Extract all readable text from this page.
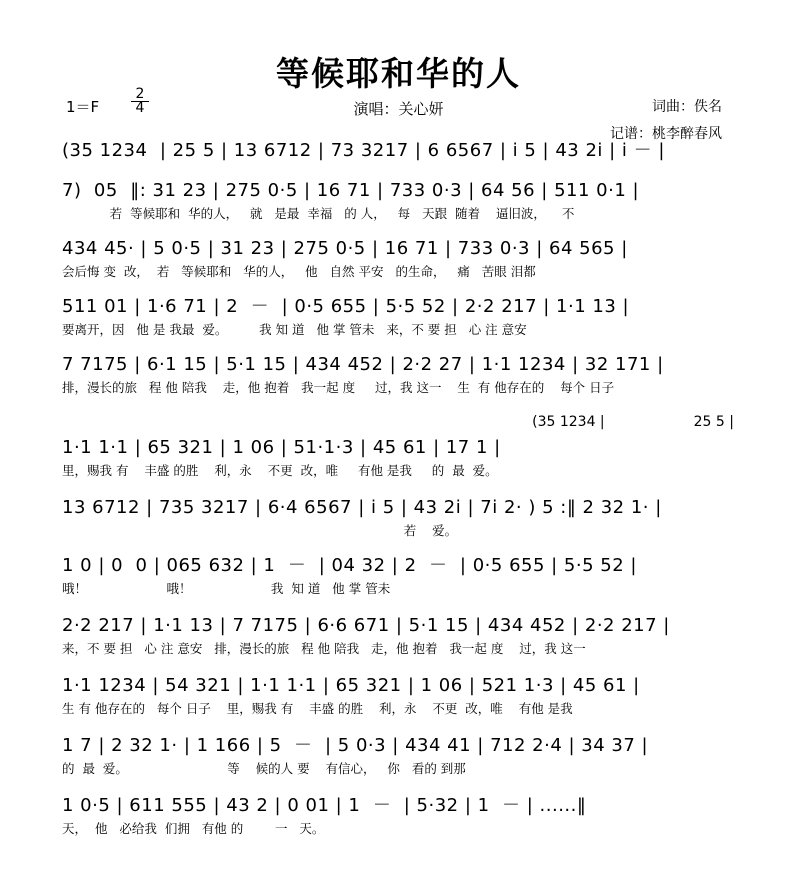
等候耶和华的人
演唱：关心妍	词曲：佚名
记谱：桃李醉春风
$1=F \frac{2}{4}$
(35 1234  | 25 5 | 13 6712 | 73 3217 | 6 6567 | i 5 | 43 2i | i － |
7)  05  ‖: 31 23 | 275 0·5 | 16 71 | 733 0·3 | 64 56 | 511 0·1 |
若  等候耶和  华的人，   就   是最  幸福   的 人，   每   天跟  随着    逼旧波，    不
434 45· | 5 0·5 | 31 23 | 275 0·5 | 16 71 | 733 0·3 | 64 565 |
会后悔 变  改，  若   等候耶和   华的人，   他   自然 平安   的生命，   痛   苦眼 泪都
511 01 | 1·6 71 | 2  －  | 0·5 655 | 5·5 52 | 2·2 217 | 1·1 13 |
要离开，因   他 是 我最  爱。        我 知 道   他 掌 管未   来，不 要 担   心 注 意安
7 7175 | 6·1 15 | 5·1 15 | 434 452 | 2·2 27 | 1·1 1234 | 32 171 |
排，漫长的旅   程 他 陪我    走，他 抱着   我一起 度     过，我 这一    生  有 他存在的    每个 日子
(35 1234 |                    25 5 |
1·1 1·1 | 65 321 | 1 06 | 51·1·3 | 45 61 | 17 1 |
里，赐我 有    丰盛 的胜    利，永    不更  改，唯     有他 是我     的  最  爱。
13 6712 | 735 3217 | 6·4 6567 | i 5 | 43 2i | 7i 2· ) 5 :‖ 2 32 1· |
若    爱。
1 0 | 0  0 | 065 632 | 1  －  | 04 32 | 2  －  | 0·5 655 | 5·5 52 |
哦！                    哦！                    我  知 道   他 掌 管未
2·2 217 | 1·1 13 | 7 7175 | 6·6 671 | 5·1 15 | 434 452 | 2·2 217 |
来，不 要 担   心 注 意安   排，漫长的旅   程 他 陪我   走，他 抱着   我一起 度    过，我 这一
1·1 1234 | 54 321 | 1·1 1·1 | 65 321 | 1 06 | 521 1·3 | 45 61 |
生 有 他存在的   每个 日子    里，赐我 有    丰盛 的胜    利，永    不更  改，唯    有他 是我
1 7 | 2 32 1· | 1 166 | 5  －  | 5 0·3 | 434 41 | 712 2·4 | 34 37 |
的  最  爱。                         等    候的人 要    有信心，   你   看的 到那
1 0·5 | 611 555 | 43 2 | 0 01 | 1  －  | 5·32 | 1  － | ......‖
天，  他   必给我  们拥   有他 的        一   天。
